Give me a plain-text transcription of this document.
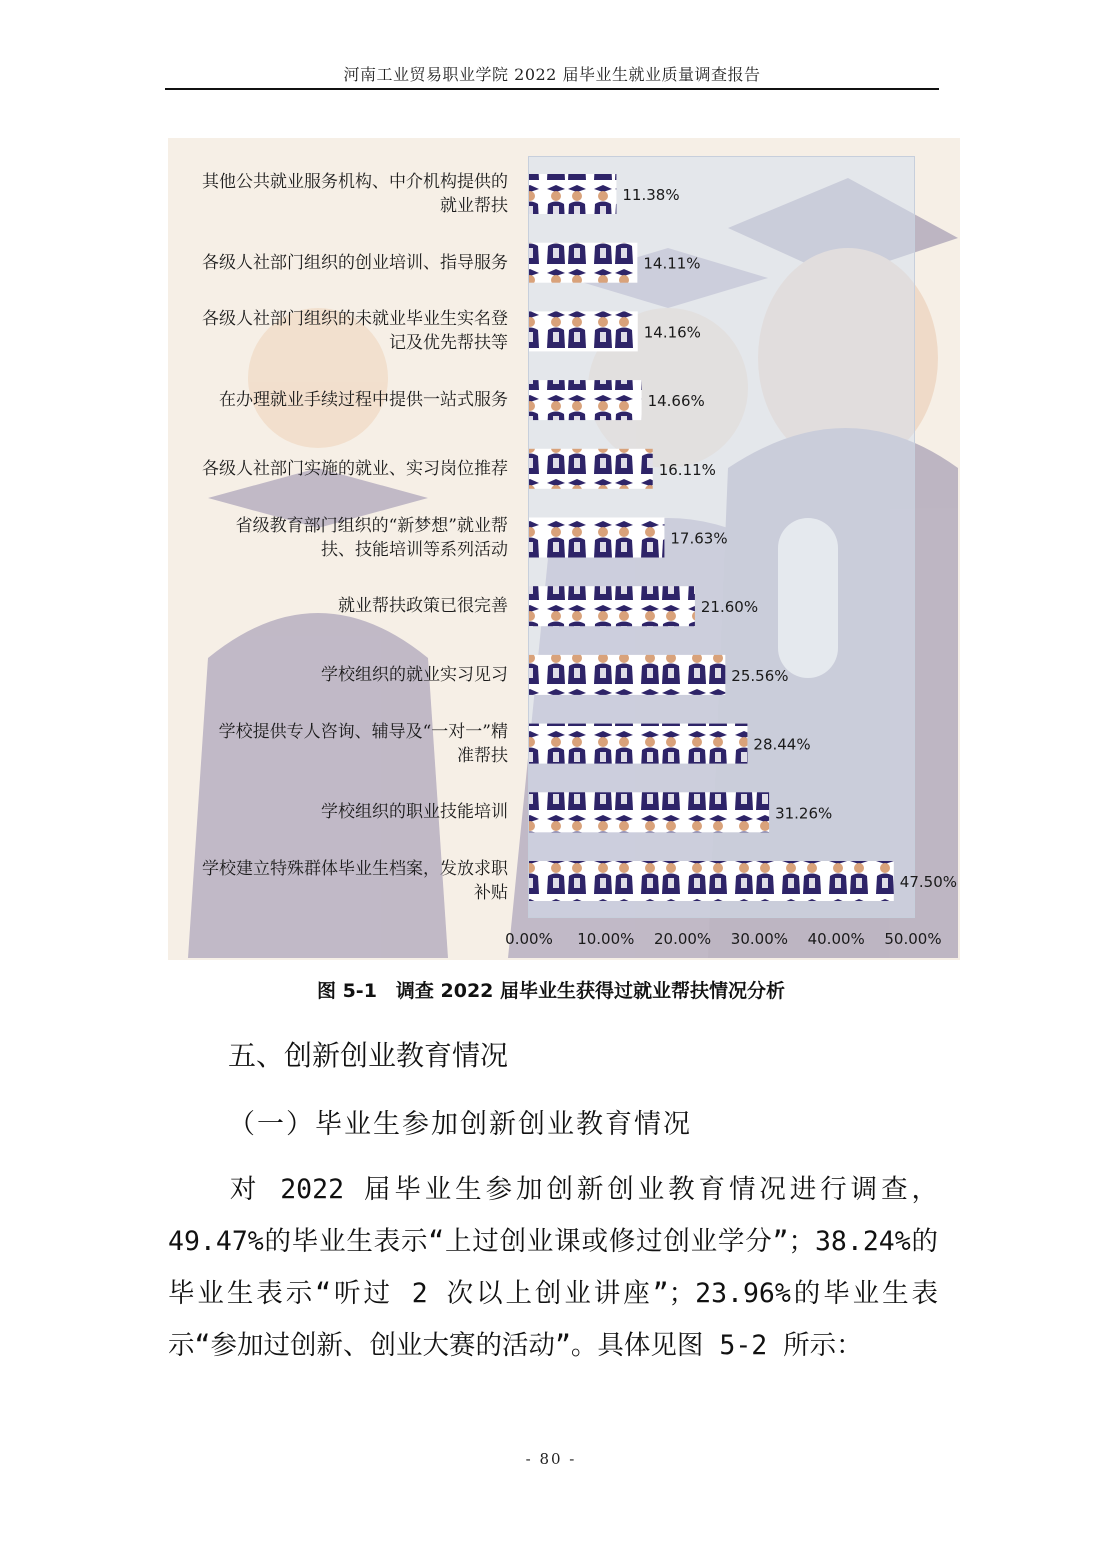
河南工业贸易职业学院 2022 届毕业生就业质量调查报告
其他公共就业服务机构、中介机构提供的
就业帮扶
各级人社部门组织的创业培训、指导服务
各级人社部门组织的未就业毕业生实名登
记及优先帮扶等
在办理就业手续过程中提供一站式服务
各级人社部门实施的就业、实习岗位推荐
省级教育部门组织的“新梦想”就业帮
扶、技能培训等系列活动
就业帮扶政策已很完善
学校组织的就业实习见习
学校提供专人咨询、辅导及“一对一”精
准帮扶
学校组织的职业技能培训
学校建立特殊群体毕业生档案，发放求职
补贴
11.38%
14.11%
14.16%
14.66%
16.11%
17.63%
21.60%
25.56%
28.44%
31.26%
47.50%
0.00% 10.00% 20.00% 30.00% 40.00% 50.00%
图 5-1　调查 2022 届毕业生获得过就业帮扶情况分析
五、创新创业教育情况
（一）毕业生参加创新创业教育情况
对 2022 届毕业生参加创新创业教育情况进行调查，49.47%的毕业生表示“上过创业课或修过创业学分”；38.24%的毕业生表示“听过 2 次以上创业讲座”；23.96%的毕业生表示“参加过创新、创业大赛的活动”。具体见图 5-2 所示：
- 80 -
